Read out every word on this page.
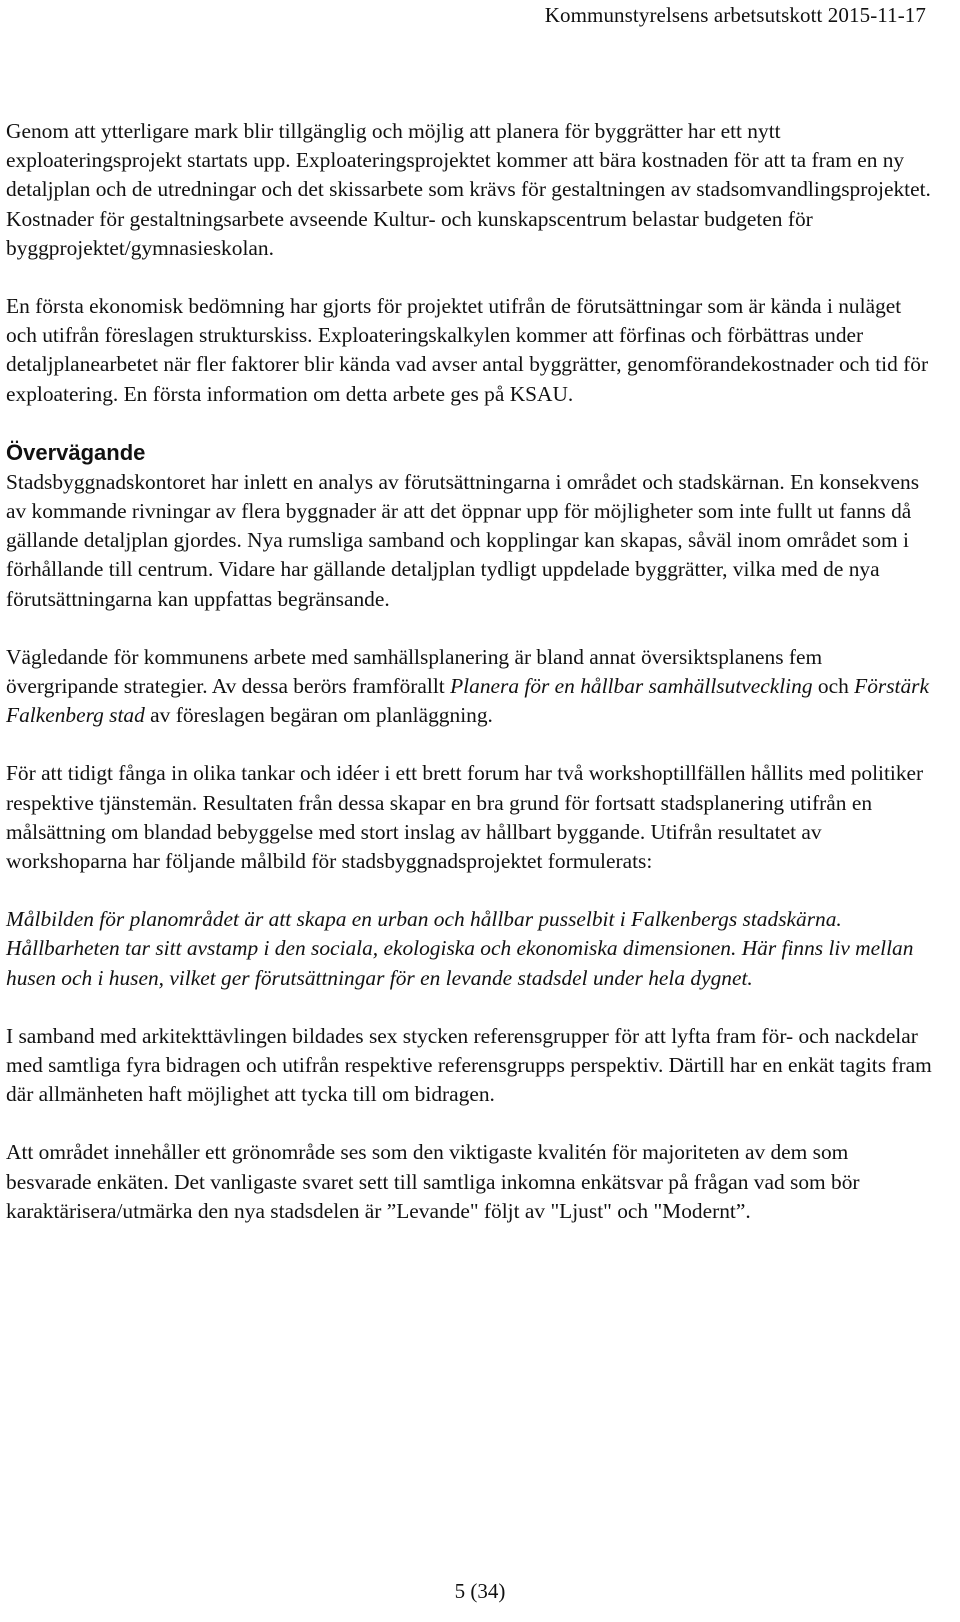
Kommunstyrelsens arbetsutskott 2015-11-17

Genom att ytterligare mark blir tillgänglig och möjlig att planera för byggrätter har ett nytt exploateringsprojekt startats upp. Exploateringsprojektet kommer att bära kostnaden för att ta fram en ny detaljplan och de utredningar och det skissarbete som krävs för gestaltningen av stadsomvandlingsprojektet. Kostnader för gestaltningsarbete avseende Kultur- och kunskapscentrum belastar budgeten för byggprojektet/gymnasieskolan.

En första ekonomisk bedömning har gjorts för projektet utifrån de förutsättningar som är kända i nuläget och utifrån föreslagen strukturskiss. Exploateringskalkylen kommer att förfinas och förbättras under detaljplanearbetet när fler faktorer blir kända vad avser antal byggrätter, genomförandekostnader och tid för exploatering. En första information om detta arbete ges på KSAU.

Övervägande

Stadsbyggnadskontoret har inlett en analys av förutsättningarna i området och stadskärnan. En konsekvens av kommande rivningar av flera byggnader är att det öppnar upp för möjligheter som inte fullt ut fanns då gällande detaljplan gjordes. Nya rumsliga samband och kopplingar kan skapas, såväl inom området som i förhållande till centrum. Vidare har gällande detaljplan tydligt uppdelade byggrätter, vilka med de nya förutsättningarna kan uppfattas begränsande.

Vägledande för kommunens arbete med samhällsplanering är bland annat översiktsplanens fem övergripande strategier. Av dessa berörs framförallt Planera för en hållbar samhällsutveckling och Förstärk Falkenberg stad av föreslagen begäran om planläggning.

För att tidigt fånga in olika tankar och idéer i ett brett forum har två workshoptillfällen hållits med politiker respektive tjänstemän. Resultaten från dessa skapar en bra grund för fortsatt stadsplanering utifrån en målsättning om blandad bebyggelse med stort inslag av hållbart byggande. Utifrån resultatet av workshoparna har följande målbild för stadsbyggnadsprojektet formulerats:

Målbilden för planområdet är att skapa en urban och hållbar pusselbit i Falkenbergs stadskärna. Hållbarheten tar sitt avstamp i den sociala, ekologiska och ekonomiska dimensionen. Här finns liv mellan husen och i husen, vilket ger förutsättningar för en levande stadsdel under hela dygnet.

I samband med arkitekttävlingen bildades sex stycken referensgrupper för att lyfta fram för- och nackdelar med samtliga fyra bidragen och utifrån respektive referensgrupps perspektiv. Därtill har en enkät tagits fram där allmänheten haft möjlighet att tycka till om bidragen.

Att området innehåller ett grönområde ses som den viktigaste kvalitén för majoriteten av dem som besvarade enkäten. Det vanligaste svaret sett till samtliga inkomna enkätsvar på frågan vad som bör karaktärisera/utmärka den nya stadsdelen är ”Levande" följt av "Ljust" och "Modernt”.

5 (34)
